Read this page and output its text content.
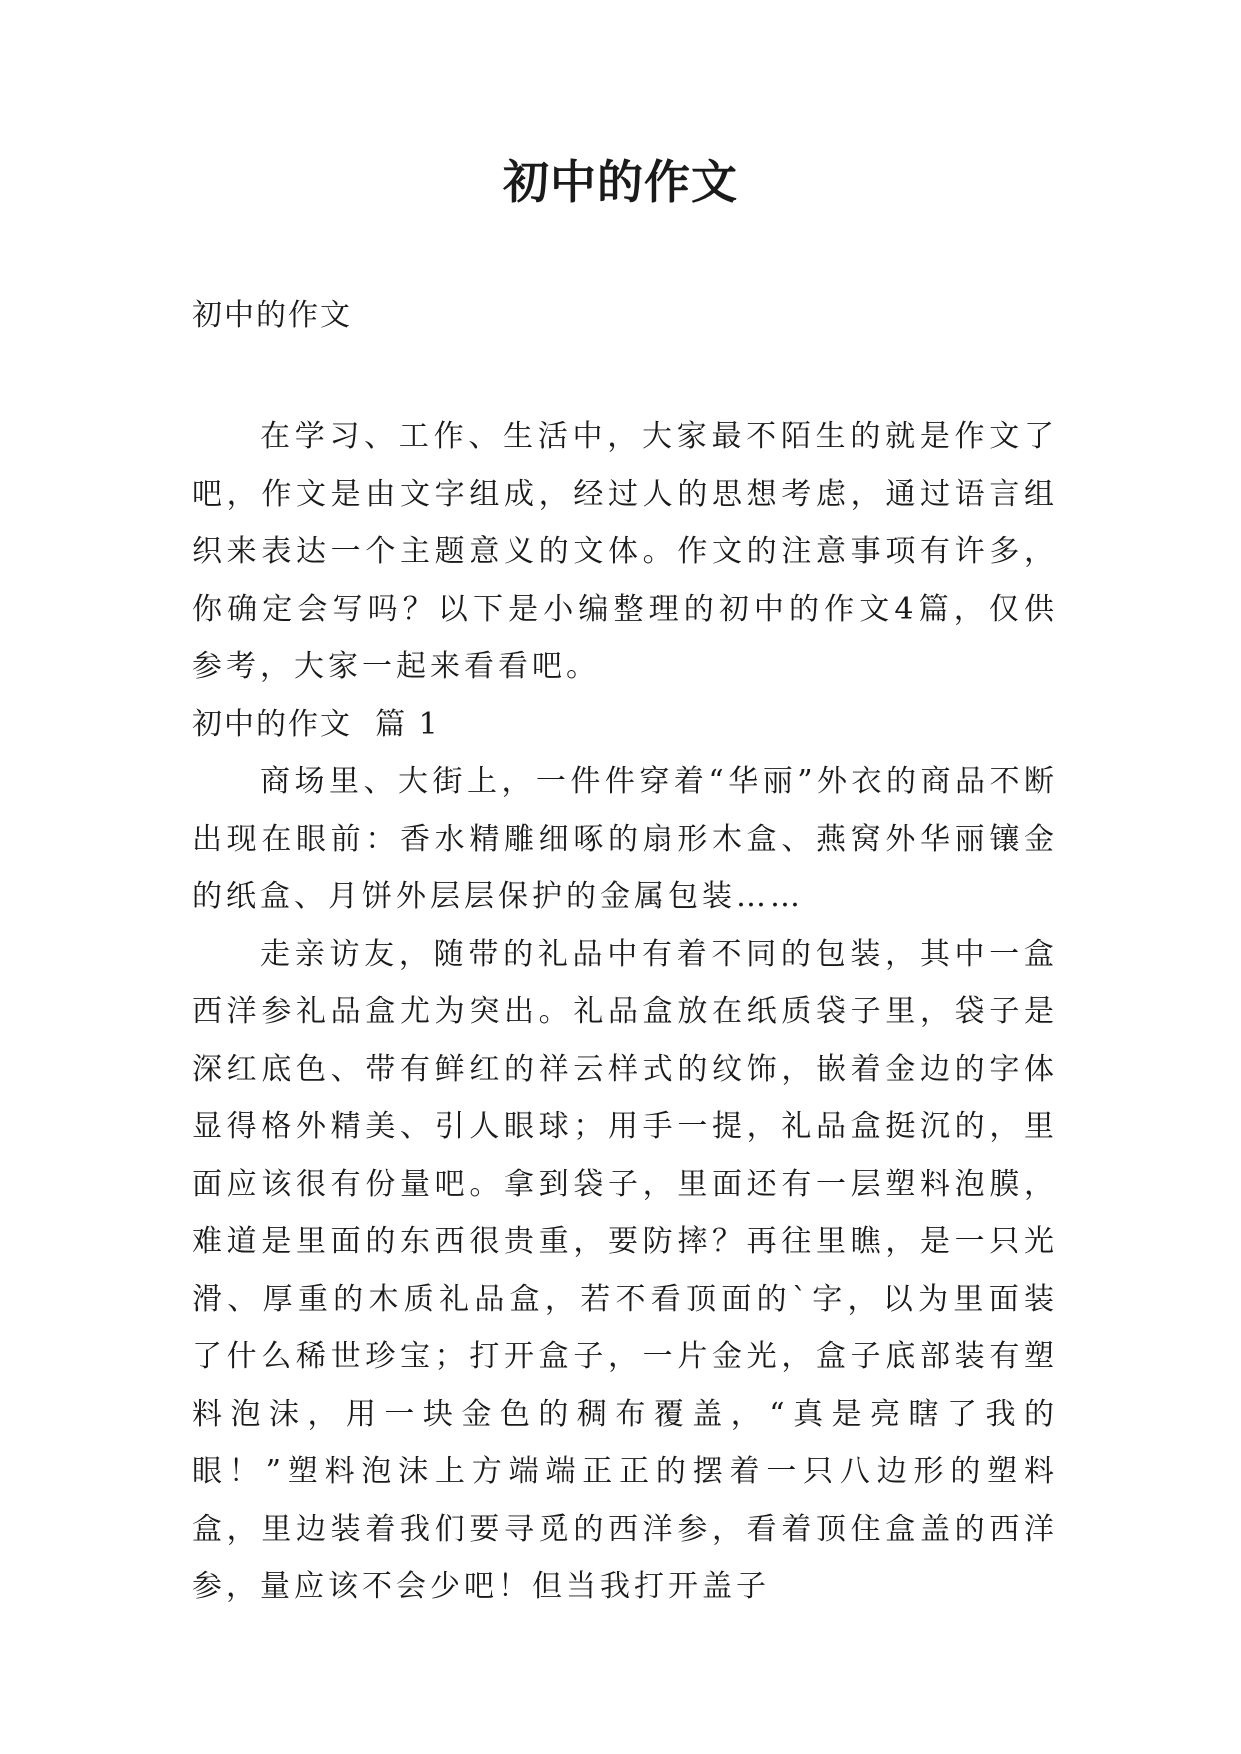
初中的作文

初中的作文

在学习、工作、生活中，大家最不陌生的就是作文了吧，作文是由文字组成，经过人的思想考虑，通过语言组织来表达一个主题意义的文体。作文的注意事项有许多，你确定会写吗？以下是小编整理的初中的作文4篇，仅供参考，大家一起来看看吧。

初中的作文  篇 1

商场里、大街上，一件件穿着“华丽”外衣的商品不断出现在眼前：香水精雕细啄的扇形木盒、燕窝外华丽镶金的纸盒、月饼外层层保护的金属包装……

走亲访友，随带的礼品中有着不同的包装，其中一盒西洋参礼品盒尤为突出。礼品盒放在纸质袋子里，袋子是深红底色、带有鲜红的祥云样式的纹饰，嵌着金边的字体显得格外精美、引人眼球；用手一提，礼品盒挺沉的，里面应该很有份量吧。拿到袋子，里面还有一层塑料泡膜，难道是里面的东西很贵重，要防摔？再往里瞧，是一只光滑、厚重的木质礼品盒，若不看顶面的`字，以为里面装了什么稀世珍宝；打开盒子，一片金光，盒子底部装有塑料泡沫，用一块金色的稠布覆盖，“真是亮瞎了我的眼！”塑料泡沫上方端端正正的摆着一只八边形的塑料盒，里边装着我们要寻觅的西洋参，看着顶住盒盖的西洋参，量应该不会少吧！但当我打开盖子
